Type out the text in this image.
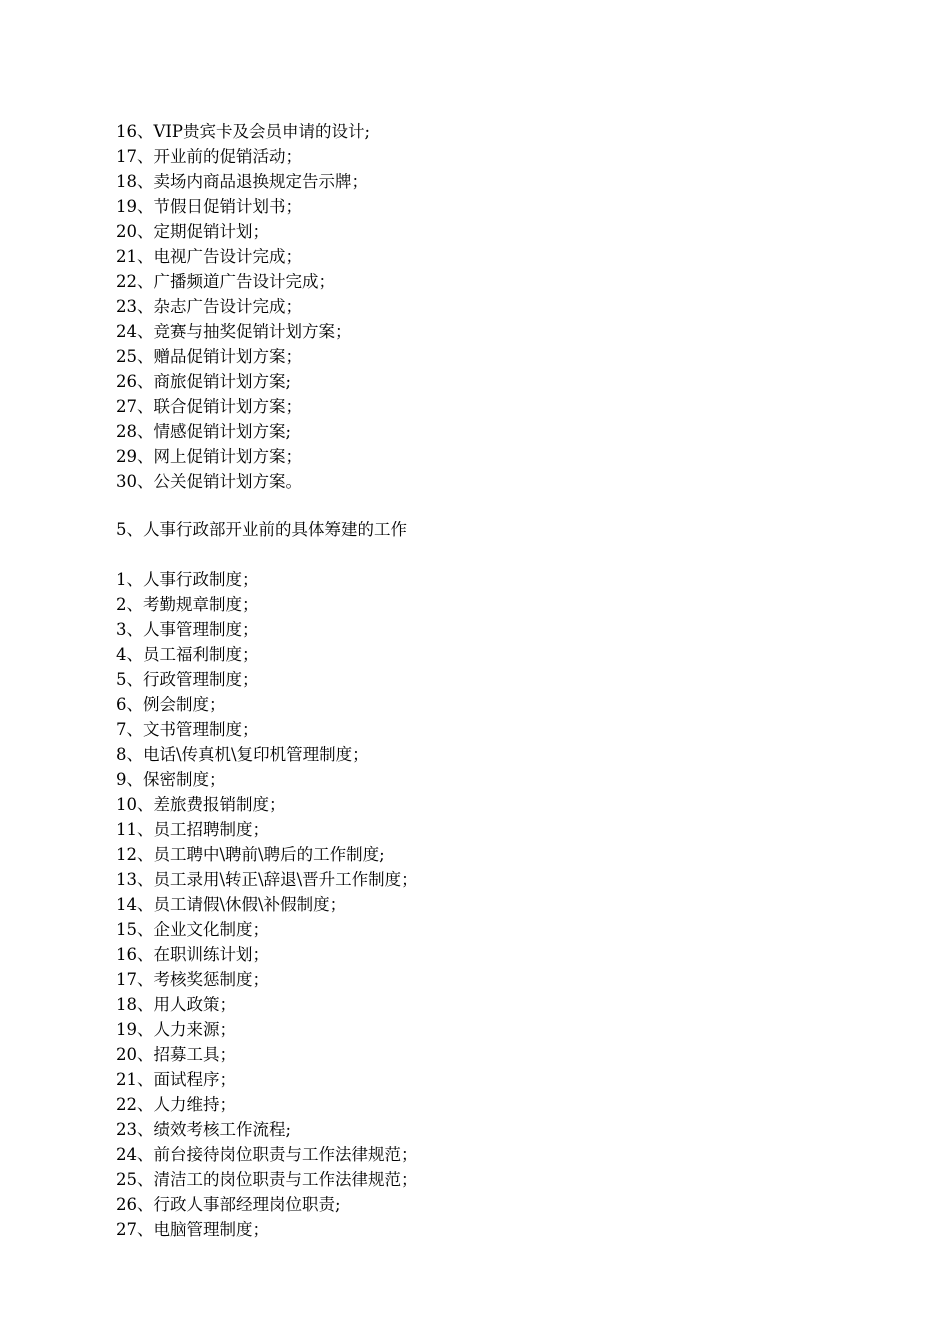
16、VIP贵宾卡及会员申请的设计;
17、开业前的促销活动；
18、卖场内商品退换规定告示牌；
19、节假日促销计划书；
20、定期促销计划；
21、电视广告设计完成；
22、广播频道广告设计完成；
23、杂志广告设计完成；
24、竞赛与抽奖促销计划方案；
25、赠品促销计划方案；
26、商旅促销计划方案;
27、联合促销计划方案；
28、情感促销计划方案;
29、网上促销计划方案；
30、公关促销计划方案。
5、人事行政部开业前的具体筹建的工作
1、人事行政制度；
2、考勤规章制度；
3、人事管理制度；
4、员工福利制度；
5、行政管理制度；
6、例会制度；
7、文书管理制度；
8、电话\传真机\复印机管理制度；
9、保密制度；
10、差旅费报销制度；
11、员工招聘制度；
12、员工聘中\聘前\聘后的工作制度;
13、员工录用\转正\辞退\晋升工作制度；
14、员工请假\休假\补假制度；
15、企业文化制度；
16、在职训练计划；
17、考核奖惩制度；
18、用人政策；
19、人力来源；
20、招募工具；
21、面试程序；
22、人力维持；
23、绩效考核工作流程;
24、前台接待岗位职责与工作法律规范；
25、清洁工的岗位职责与工作法律规范；
26、行政人事部经理岗位职责;
27、电脑管理制度；
